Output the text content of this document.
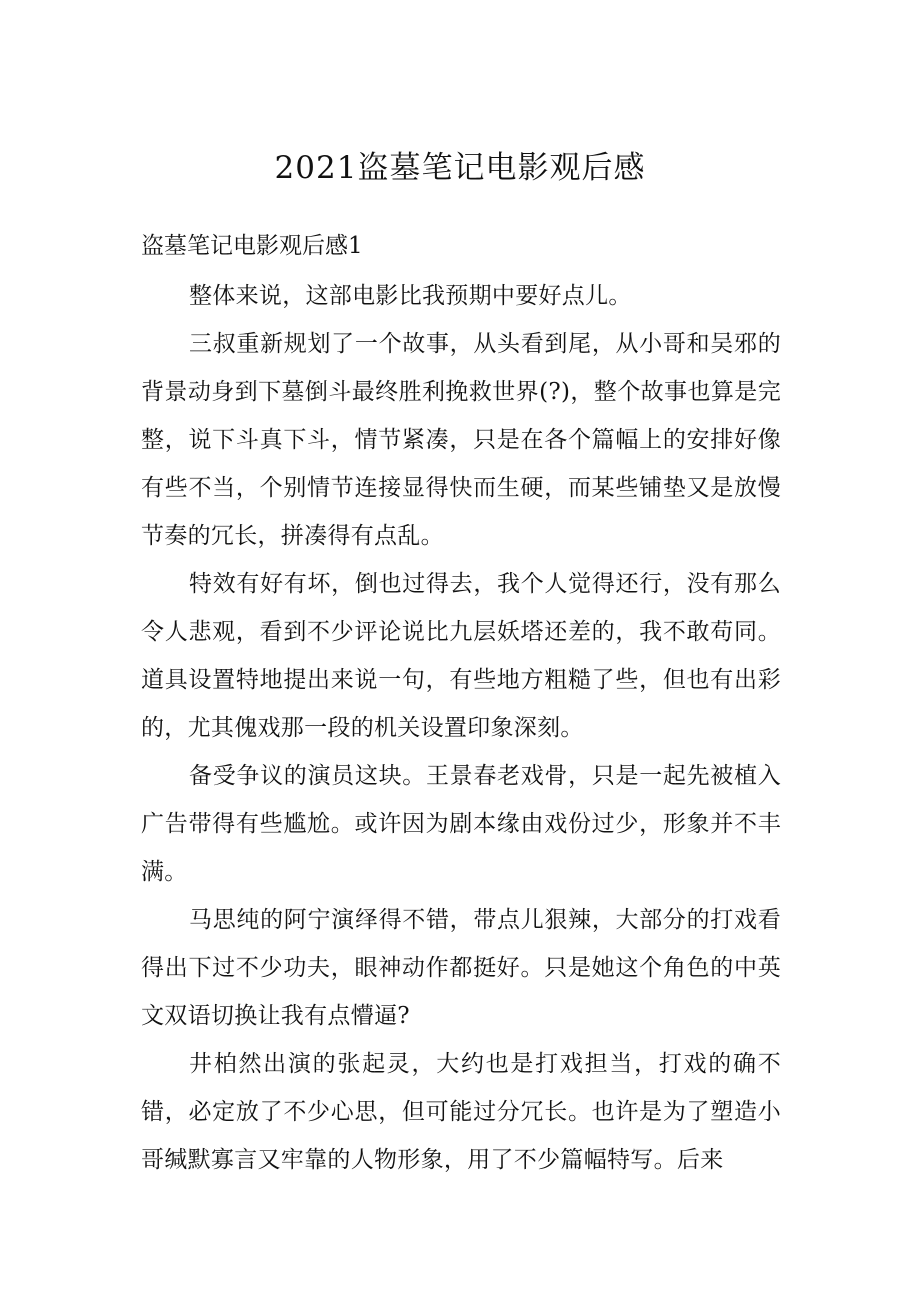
2021盗墓笔记电影观后感

盗墓笔记电影观后感1

整体来说，这部电影比我预期中要好点儿。

三叔重新规划了一个故事，从头看到尾，从小哥和吴邪的背景动身到下墓倒斗最终胜利挽救世界(?)，整个故事也算是完整，说下斗真下斗，情节紧凑，只是在各个篇幅上的安排好像有些不当，个别情节连接显得快而生硬，而某些铺垫又是放慢节奏的冗长，拼凑得有点乱。

特效有好有坏，倒也过得去，我个人觉得还行，没有那么令人悲观，看到不少评论说比九层妖塔还差的，我不敢苟同。道具设置特地提出来说一句，有些地方粗糙了些，但也有出彩的，尤其傀戏那一段的机关设置印象深刻。

备受争议的演员这块。王景春老戏骨，只是一起先被植入广告带得有些尴尬。或许因为剧本缘由戏份过少，形象并不丰满。

马思纯的阿宁演绎得不错，带点儿狠辣，大部分的打戏看得出下过不少功夫，眼神动作都挺好。只是她这个角色的中英文双语切换让我有点懵逼?

井柏然出演的张起灵，大约也是打戏担当，打戏的确不错，必定放了不少心思，但可能过分冗长。也许是为了塑造小哥缄默寡言又牢靠的人物形象，用了不少篇幅特写。后来
